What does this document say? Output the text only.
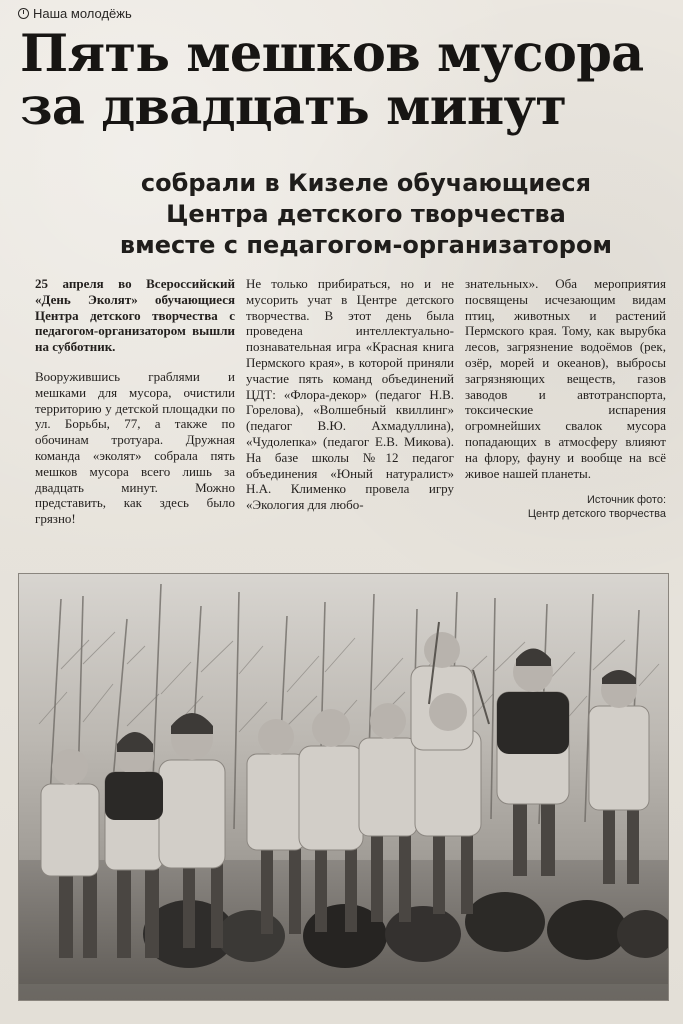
Наша молодёжь
Пять мешков мусора
за двадцать минут
собрали в Кизеле обучающиеся
Центра детского творчества
вместе с педагогом-организатором

25 апреля во Всероссийский «День Эколят» обучающиеся Центра детского творчества с педагогом-организатором вышли на субботник.

Вооружившись граблями и мешками для мусора, очистили территорию у детской площадки по ул. Борьбы, 77, а также по обочинам тротуара. Дружная команда «эколят» собрала пять мешков мусора всего лишь за двадцать минут. Можно представить, как здесь было грязно!

Не только прибираться, но и не мусорить учат в Центре детского творчества. В этот день была проведена интеллектуально-познавательная игра «Красная книга Пермского края», в которой приняли участие пять команд объединений ЦДТ: «Флора-декор» (педагог Н.В. Горелова), «Волшебный квиллинг» (педагог В.Ю. Ахмадуллина), «Чудолепка» (педагог Е.В. Микова). На базе школы №12 педагог объединения «Юный натуралист» Н.А. Клименко провела игру «Экология для любо-

знательных». Оба мероприятия посвящены исчезающим видам птиц, животных и растений Пермского края. Тому, как вырубка лесов, загрязнение водоёмов (рек, озёр, морей и океанов), выбросы загрязняющих веществ, газов заводов и автотранспорта, токсические испарения огромнейших свалок мусора попадающих в атмосферу влияют на флору, фауну и вообще на всё живое нашей планеты.

Источник фото:
Центр детского творчества
